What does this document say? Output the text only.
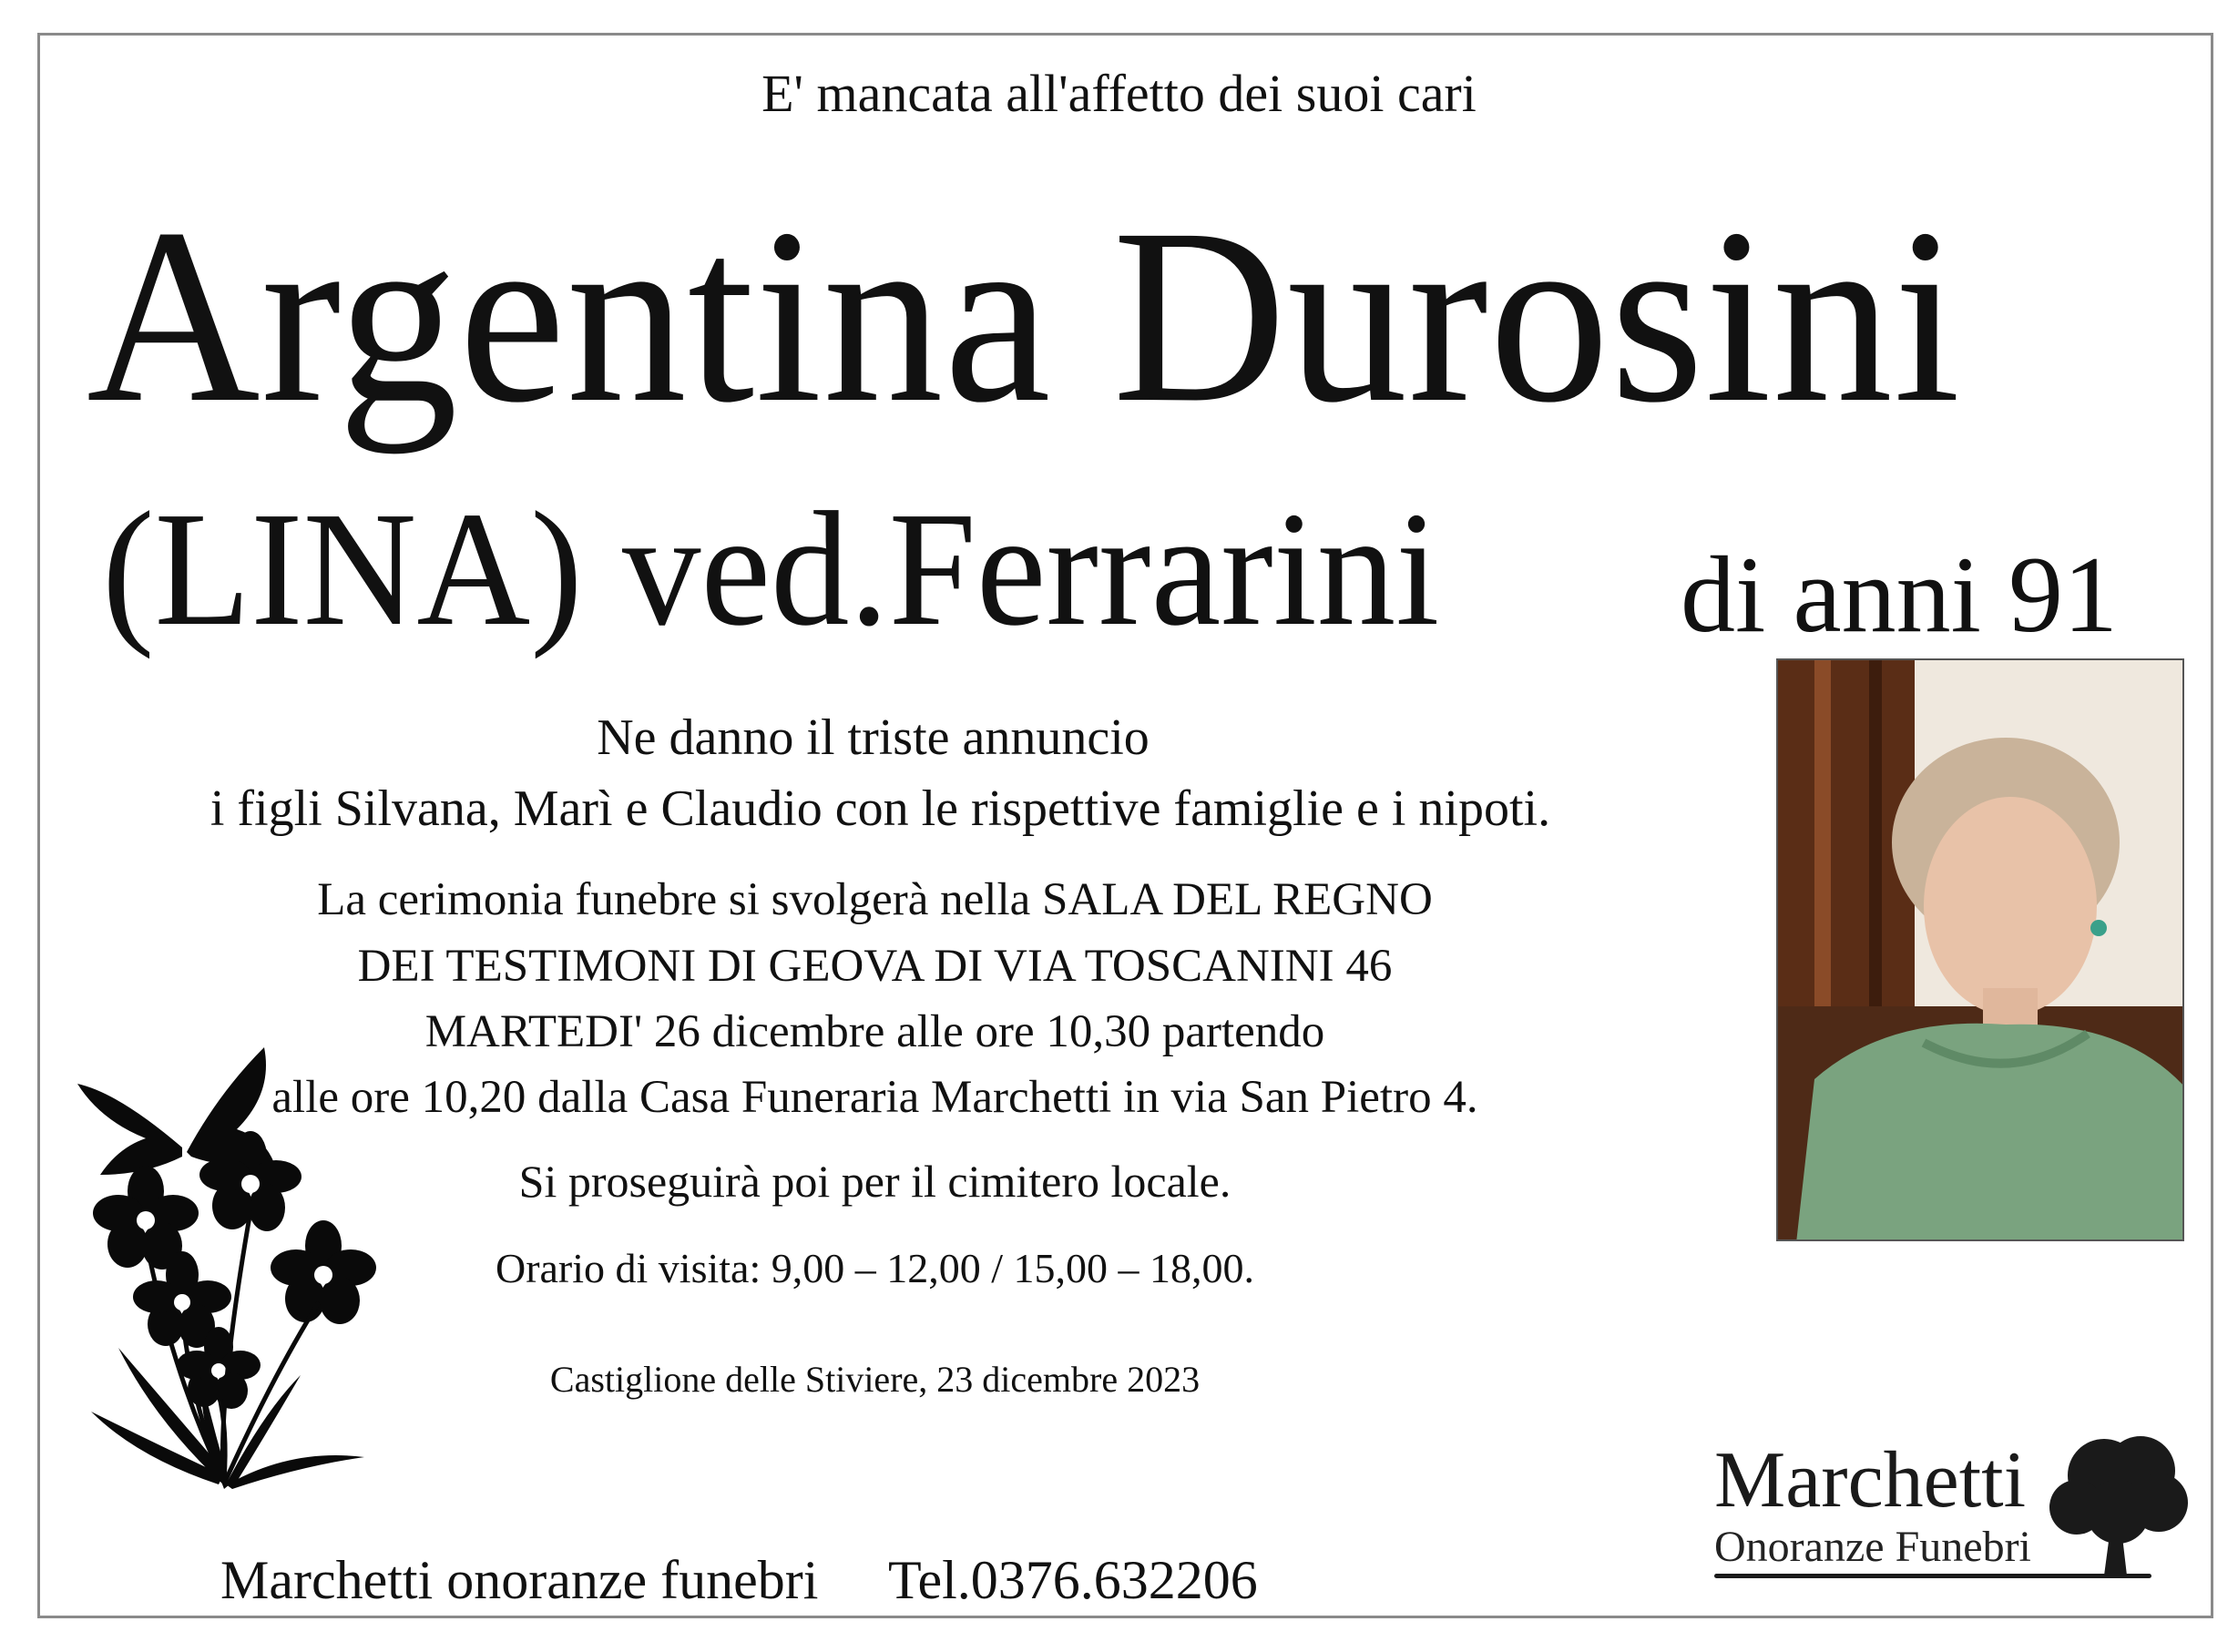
E' mancata all'affetto dei suoi cari
Argentina Durosini
(LINA) ved.Ferrarini di anni 91
Ne danno il triste annuncio
i figli Silvana, Marì e Claudio con le rispettive famiglie e i nipoti.
La cerimonia funebre si svolgerà nella SALA DEL REGNO
DEI TESTIMONI DI GEOVA DI VIA TOSCANINI 46
MARTEDI' 26 dicembre alle ore 10,30 partendo
alle ore 10,20 dalla Casa Funeraria Marchetti in via San Pietro 4.
Si proseguirà poi per il cimitero locale.
Orario di visita: 9,00 – 12,00 / 15,00 – 18,00.
Castiglione delle Stiviere, 23 dicembre 2023
Marchetti onoranze funebri Tel.0376.632206
Marchetti
Onoranze Funebri
